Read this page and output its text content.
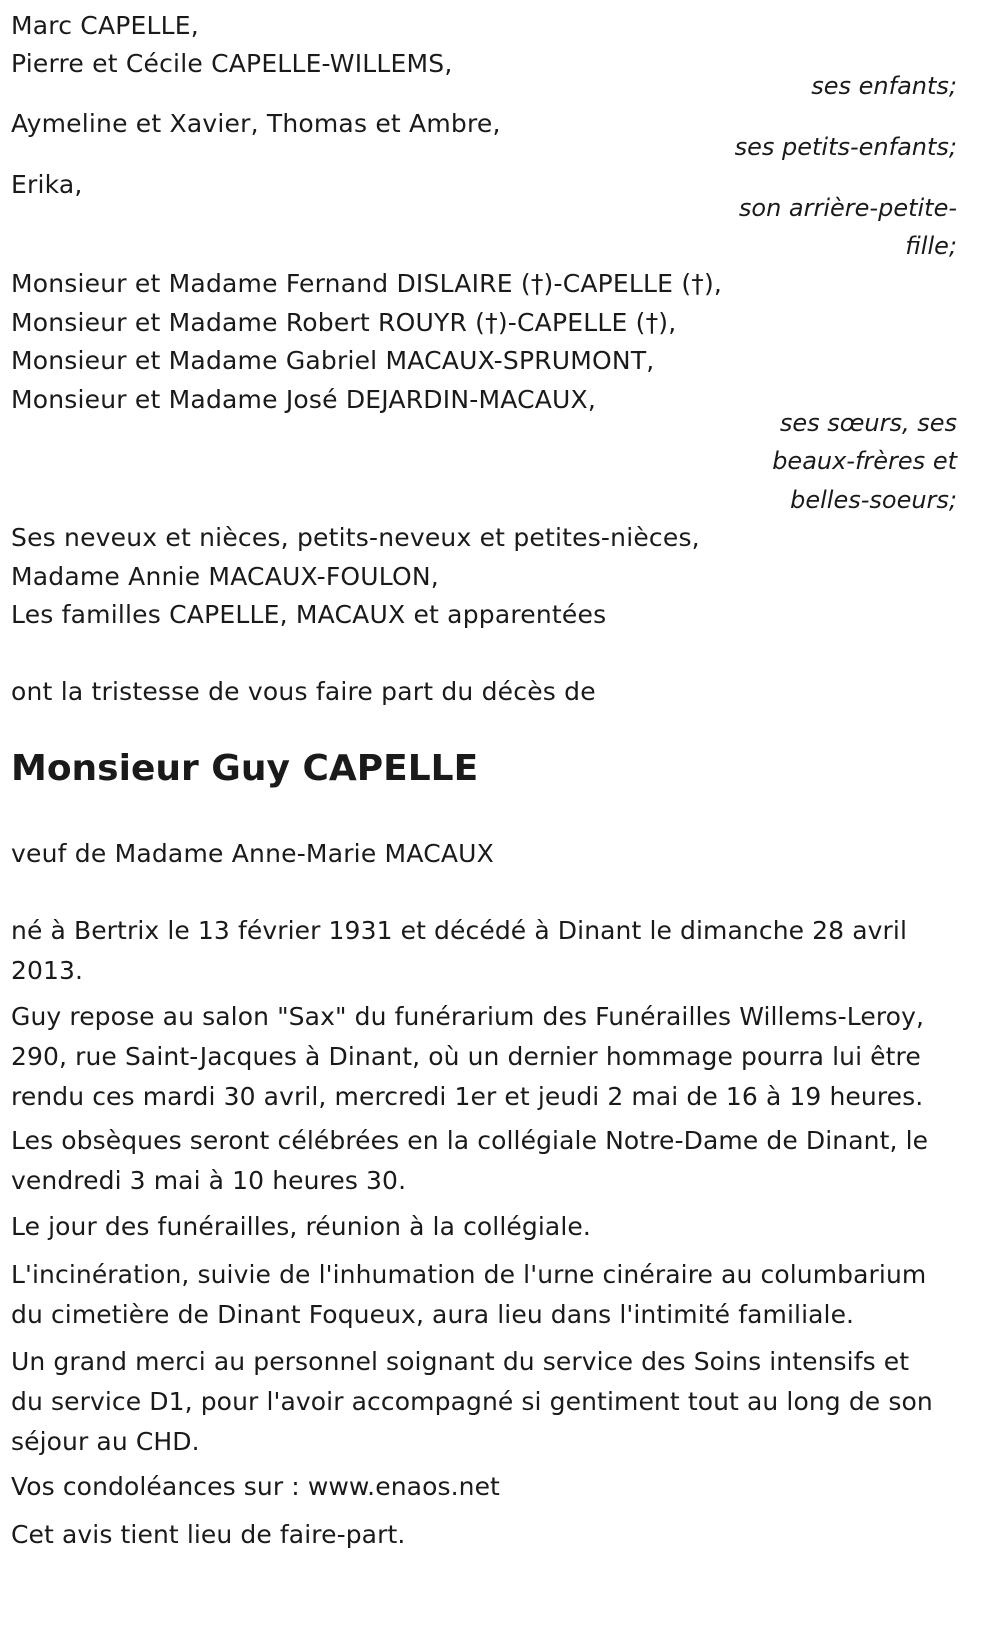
Marc CAPELLE,
Pierre et Cécile CAPELLE-WILLEMS,
ses enfants;
Aymeline et Xavier, Thomas et Ambre,
ses petits-enfants;
Erika,
son arrière-petite-
fille;
Monsieur et Madame Fernand DISLAIRE (†)-CAPELLE (†),
Monsieur et Madame Robert ROUYR (†)-CAPELLE (†),
Monsieur et Madame Gabriel MACAUX-SPRUMONT,
Monsieur et Madame José DEJARDIN-MACAUX,
ses sœurs, ses
beaux-frères et
belles-soeurs;
Ses neveux et nièces, petits-neveux et petites-nièces,
Madame Annie MACAUX-FOULON,
Les familles CAPELLE, MACAUX et apparentées
ont la tristesse de vous faire part du décès de
Monsieur Guy CAPELLE
veuf de Madame Anne-Marie MACAUX
né à Bertrix le 13 février 1931 et décédé à Dinant le dimanche 28 avril
2013.
Guy repose au salon "Sax" du funérarium des Funérailles Willems-Leroy,
290, rue Saint-Jacques à Dinant, où un dernier hommage pourra lui être
rendu ces mardi 30 avril, mercredi 1er et jeudi 2 mai de 16 à 19 heures.
Les obsèques seront célébrées en la collégiale Notre-Dame de Dinant, le
vendredi 3 mai à 10 heures 30.
Le jour des funérailles, réunion à la collégiale.
L'incinération, suivie de l'inhumation de l'urne cinéraire au columbarium
du cimetière de Dinant Foqueux, aura lieu dans l'intimité familiale.
Un grand merci au personnel soignant du service des Soins intensifs et
du service D1, pour l'avoir accompagné si gentiment tout au long de son
séjour au CHD.
Vos condoléances sur : www.enaos.net
Cet avis tient lieu de faire-part.
